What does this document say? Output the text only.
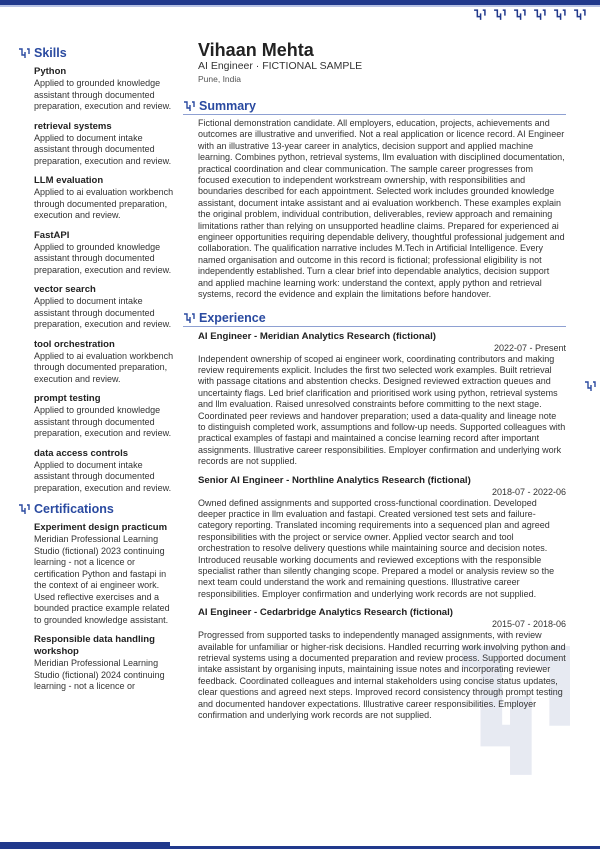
Skills
Python
Applied to grounded knowledge assistant through documented preparation, execution and review.
retrieval systems
Applied to document intake assistant through documented preparation, execution and review.
LLM evaluation
Applied to ai evaluation workbench through documented preparation, execution and review.
FastAPI
Applied to grounded knowledge assistant through documented preparation, execution and review.
vector search
Applied to document intake assistant through documented preparation, execution and review.
tool orchestration
Applied to ai evaluation workbench through documented preparation, execution and review.
prompt testing
Applied to grounded knowledge assistant through documented preparation, execution and review.
data access controls
Applied to document intake assistant through documented preparation, execution and review.
Certifications
Experiment design practicum
Meridian Professional Learning Studio (fictional) 2023 continuing learning - not a licence or certification Python and fastapi in the context of ai engineer work. Used reflective exercises and a bounded practice example related to grounded knowledge assistant.
Responsible data handling workshop
Meridian Professional Learning Studio (fictional) 2024 continuing learning - not a licence or
Vihaan Mehta
AI Engineer · FICTIONAL SAMPLE
Pune, India
Summary
Fictional demonstration candidate. All employers, education, projects, achievements and outcomes are illustrative and unverified. Not a real application or licence record. AI Engineer with an illustrative 13-year career in analytics, decision support and applied machine learning. Combines python, retrieval systems, llm evaluation with disciplined documentation, practical coordination and clear communication. The sample career progresses from focused execution to independent workstream ownership, with responsibilities and boundaries described for each appointment. Selected work includes grounded knowledge assistant, document intake assistant and ai evaluation workbench. These examples explain the original problem, individual contribution, deliverables, review approach and remaining limitations rather than relying on unsupported headline claims. Prepared for experienced ai engineer opportunities requiring dependable delivery, thoughtful professional judgement and collaboration. The qualification narrative includes M.Tech in Artificial Intelligence. Every named organisation and outcome in this record is fictional; professional eligibility is not independently established. Turn a clear brief into dependable analytics, decision support and applied machine learning work: understand the context, apply python and retrieval systems, record the evidence and explain the limitations before handover.
Experience
AI Engineer - Meridian Analytics Research (fictional)
2022-07 - Present
Independent ownership of scoped ai engineer work, coordinating contributors and making review requirements explicit. Includes the first two selected work examples. Built retrieval with passage citations and abstention checks. Designed reviewed extraction queues and uncertainty flags. Led brief clarification and prioritised work using python, retrieval systems and llm evaluation. Raised unresolved constraints before committing to the next stage. Coordinated peer reviews and handover preparation; used a data-quality and lineage note to distinguish completed work, assumptions and follow-up needs. Supported colleagues with practical examples of fastapi and maintained a concise learning record after important assignments. Illustrative career responsibilities. Employer confirmation and underlying work records are not supplied.
Senior AI Engineer - Northline Analytics Research (fictional)
2018-07 - 2022-06
Owned defined assignments and supported cross-functional coordination. Developed deeper practice in llm evaluation and fastapi. Created versioned test sets and failure-category reporting. Translated incoming requirements into a sequenced plan and agreed responsibilities with the project or service owner. Applied vector search and tool orchestration to resolve delivery questions while maintaining source and decision notes. Introduced reusable working documents and reviewed exceptions with the responsible specialist rather than silently changing scope. Prepared a model or analysis review so the next team could understand the work and remaining questions. Illustrative career responsibilities. Employer confirmation and underlying work records are not supplied.
AI Engineer - Cedarbridge Analytics Research (fictional)
2015-07 - 2018-06
Progressed from supported tasks to independently managed assignments, with review available for unfamiliar or higher-risk decisions. Handled recurring work involving python and retrieval systems using a documented preparation and review process. Supported document intake assistant by organising inputs, maintaining issue notes and incorporating reviewer feedback. Coordinated colleagues and internal stakeholders using concise status updates, clear questions and agreed next steps. Improved record consistency through prompt testing and documented handover expectations. Illustrative career responsibilities. Employer confirmation and underlying work records are not supplied.
